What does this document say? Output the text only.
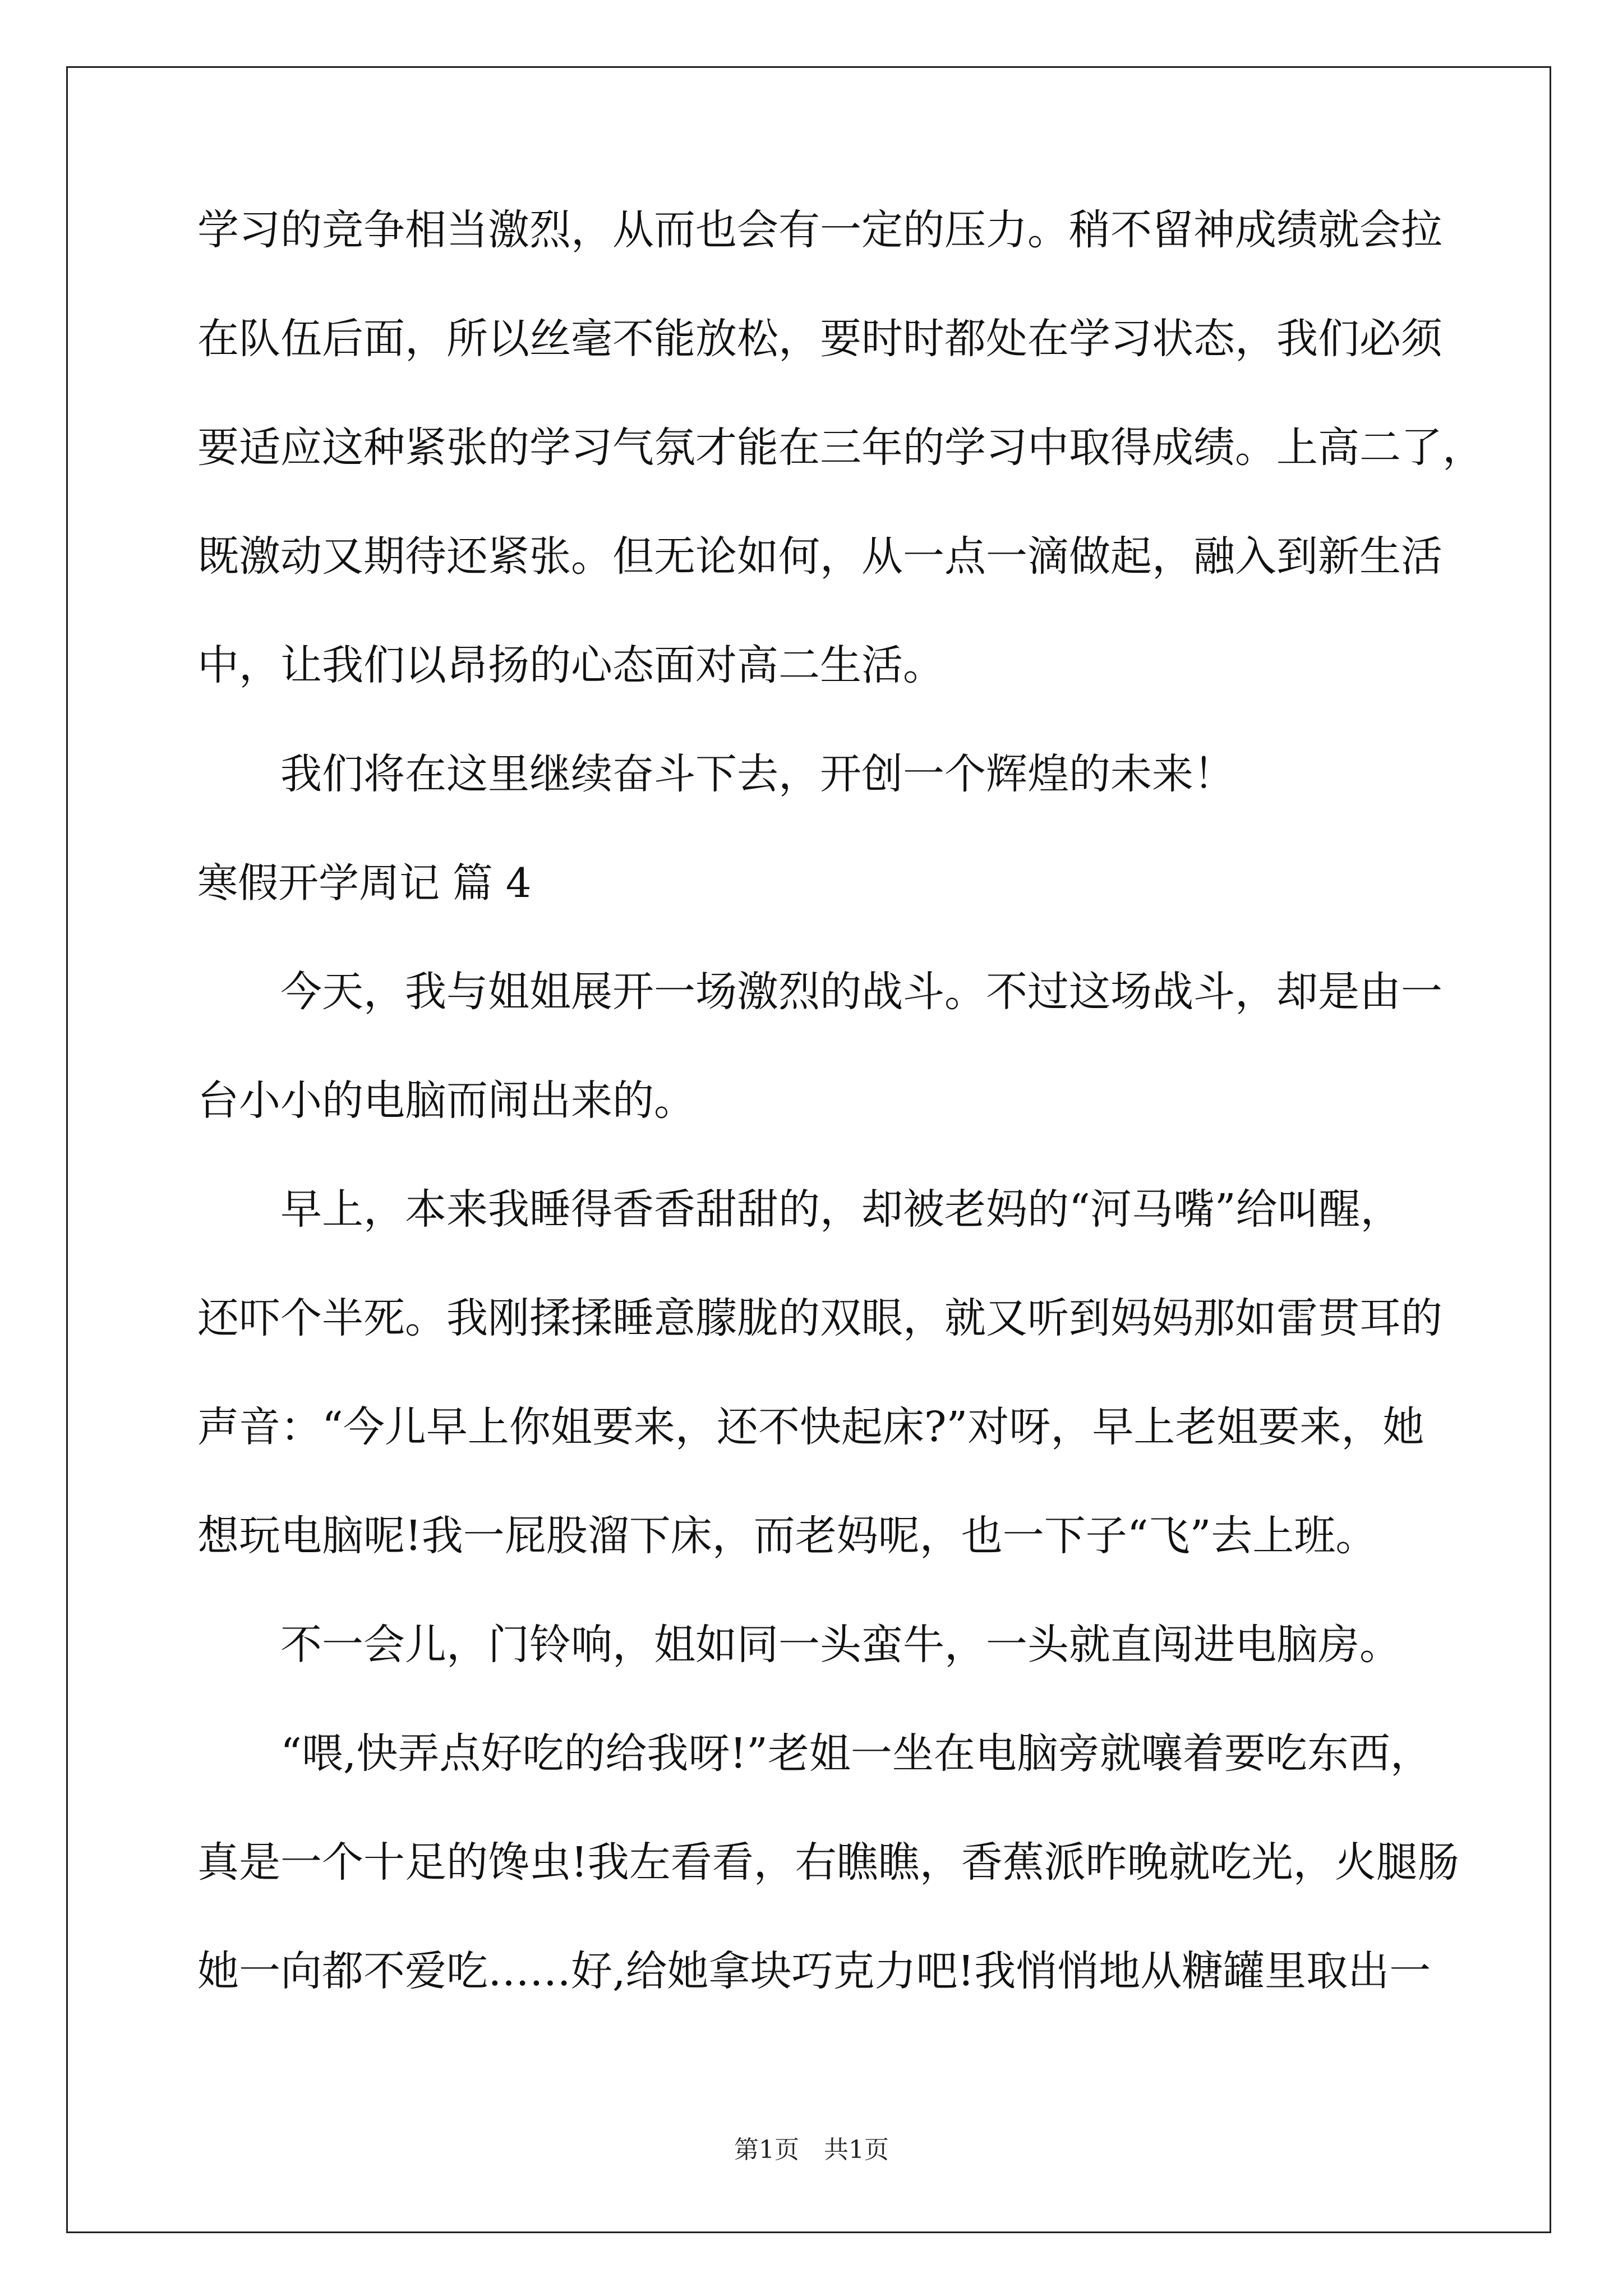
学习的竞争相当激烈，从而也会有一定的压力。稍不留神成绩就会拉
在队伍后面，所以丝毫不能放松，要时时都处在学习状态，我们必须
要适应这种紧张的学习气氛才能在三年的学习中取得成绩。上高二了，
既激动又期待还紧张。但无论如何，从一点一滴做起，融入到新生活
中，让我们以昂扬的心态面对高二生活。
我们将在这里继续奋斗下去，开创一个辉煌的未来！
寒假开学周记 篇 4
今天，我与姐姐展开一场激烈的战斗。不过这场战斗，却是由一
台小小的电脑而闹出来的。
早上，本来我睡得香香甜甜的，却被老妈的“河马嘴”给叫醒，
还吓个半死。我刚揉揉睡意朦胧的双眼，就又听到妈妈那如雷贯耳的
声音：“今儿早上你姐要来，还不快起床?”对呀，早上老姐要来，她
想玩电脑呢!我一屁股溜下床，而老妈呢，也一下子“飞”去上班。
不一会儿，门铃响，姐如同一头蛮牛，一头就直闯进电脑房。
“喂,快弄点好吃的给我呀!”老姐一坐在电脑旁就嚷着要吃东西，
真是一个十足的馋虫!我左看看，右瞧瞧，香蕉派昨晚就吃光，火腿肠
她一向都不爱吃……好,给她拿块巧克力吧!我悄悄地从糖罐里取出一
第1页　共1页
